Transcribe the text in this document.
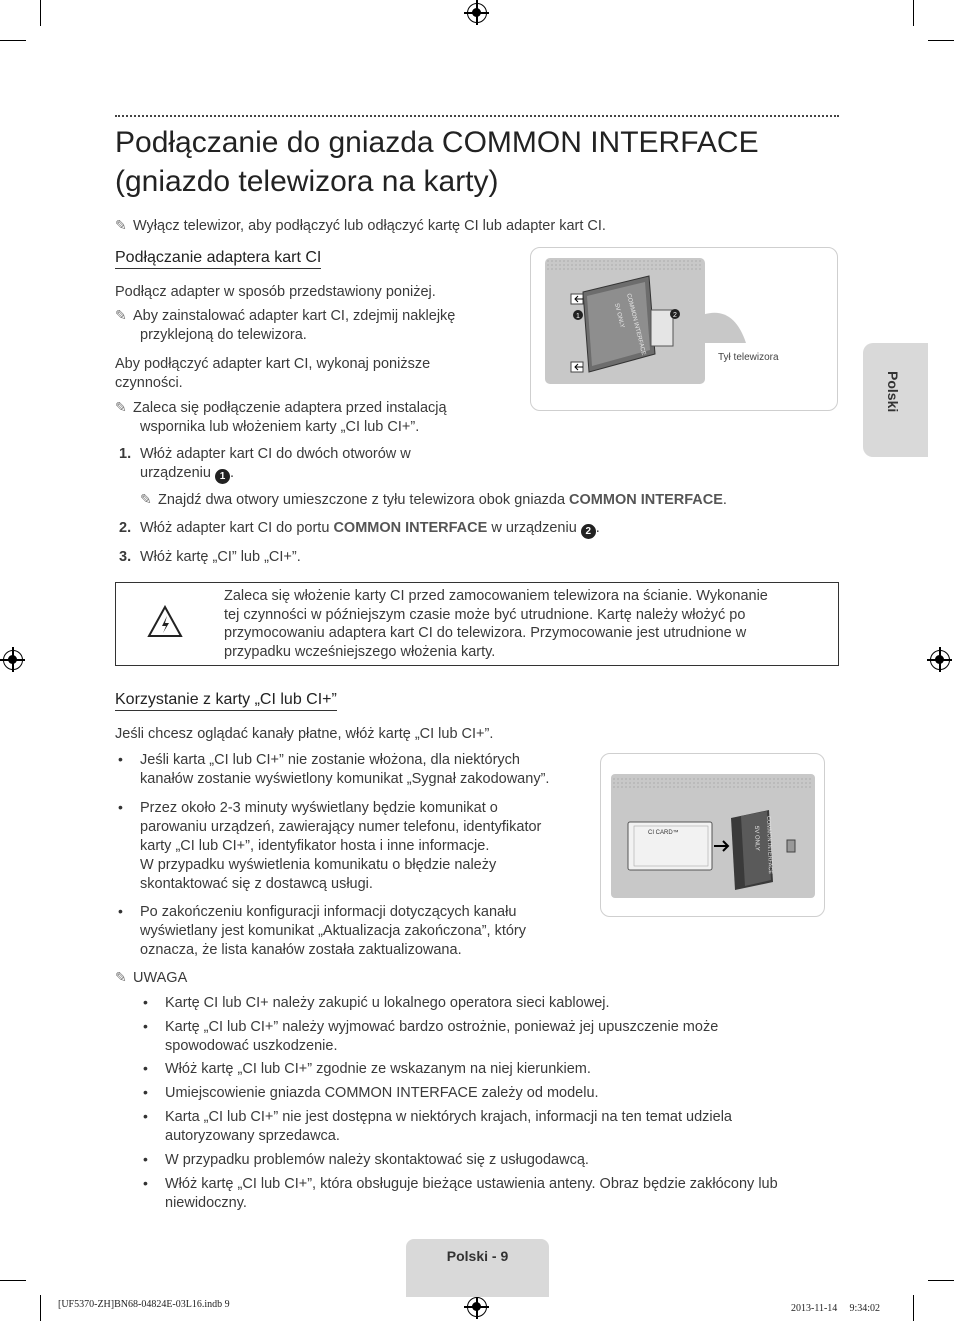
Podłączanie do gniazda COMMON INTERFACE
(gniazdo telewizora na karty)
✎ Wyłącz telewizor, aby podłączyć lub odłączyć kartę CI lub adapter kart CI.
Polski
Podłączanie adaptera kart CI
Podłącz adapter w sposób przedstawiony poniżej.
✎ Aby zainstalować adapter kart CI, zdejmij naklejkę
przyklejoną do telewizora.
Aby podłączyć adapter kart CI, wykonaj poniższe
czynności.
✎ Zaleca się podłączenie adaptera przed instalacją
wspornika lub włożeniem karty „CI lub CI+”.
1. Włóż adapter kart CI do dwóch otworów w
urządzeniu 1 .
✎ Znajdź dwa otwory umieszczone z tyłu telewizora obok gniazda COMMON INTERFACE.
2. Włóż adapter kart CI do portu COMMON INTERFACE w urządzeniu 2 .
3. Włóż kartę „CI” lub „CI+”.
1	2
COMMON INTERFACE
5V ONLY
Tył telewizora
Zaleca się włożenie karty CI przed zamocowaniem telewizora na ścianie. Wykonanie
tej czynności w późniejszym czasie może być utrudnione. Kartę należy włożyć po
przymocowaniu adaptera kart CI do telewizora. Przymocowanie jest utrudnione w
przypadku wcześniejszego włożenia karty.
Korzystanie z karty „CI lub CI+”
Jeśli chcesz oglądać kanały płatne, włóż kartę „CI lub CI+”.
• Jeśli karta „CI lub CI+” nie zostanie włożona, dla niektórych
kanałów zostanie wyświetlony komunikat „Sygnał zakodowany”.
• Przez około 2-3 minuty wyświetlany będzie komunikat o
parowaniu urządzeń, zawierający numer telefonu, identyfikator
karty „CI lub CI+”, identyfikator hosta i inne informacje.
W przypadku wyświetlenia komunikatu o błędzie należy
skontaktować się z dostawcą usługi.
• Po zakończeniu konfiguracji informacji dotyczących kanału
wyświetlany jest komunikat „Aktualizacja zakończona”, który
oznacza, że lista kanałów została zaktualizowana.
✎ UWAGA
• Kartę CI lub CI+ należy zakupić u lokalnego operatora sieci kablowej.
• Kartę „CI lub CI+” należy wyjmować bardzo ostrożnie, ponieważ jej upuszczenie może
spowodować uszkodzenie.
• Włóż kartę „CI lub CI+” zgodnie ze wskazanym na niej kierunkiem.
• Umiejscowienie gniazda COMMON INTERFACE zależy od modelu.
• Karta „CI lub CI+” nie jest dostępna w niektórych krajach, informacji na ten temat udziela
autoryzowany sprzedawca.
• W przypadku problemów należy skontaktować się z usługodawcą.
• Włóż kartę „CI lub CI+”, która obsługuje bieżące ustawienia anteny. Obraz będzie zakłócony lub
niewidoczny.
CI CARD™	COMMON INTERFACE
5V ONLY
Polski - 9
[UF5370-ZH]BN68-04824E-03L16.indb 9	2013-11-14 ᅟ9:34:02
